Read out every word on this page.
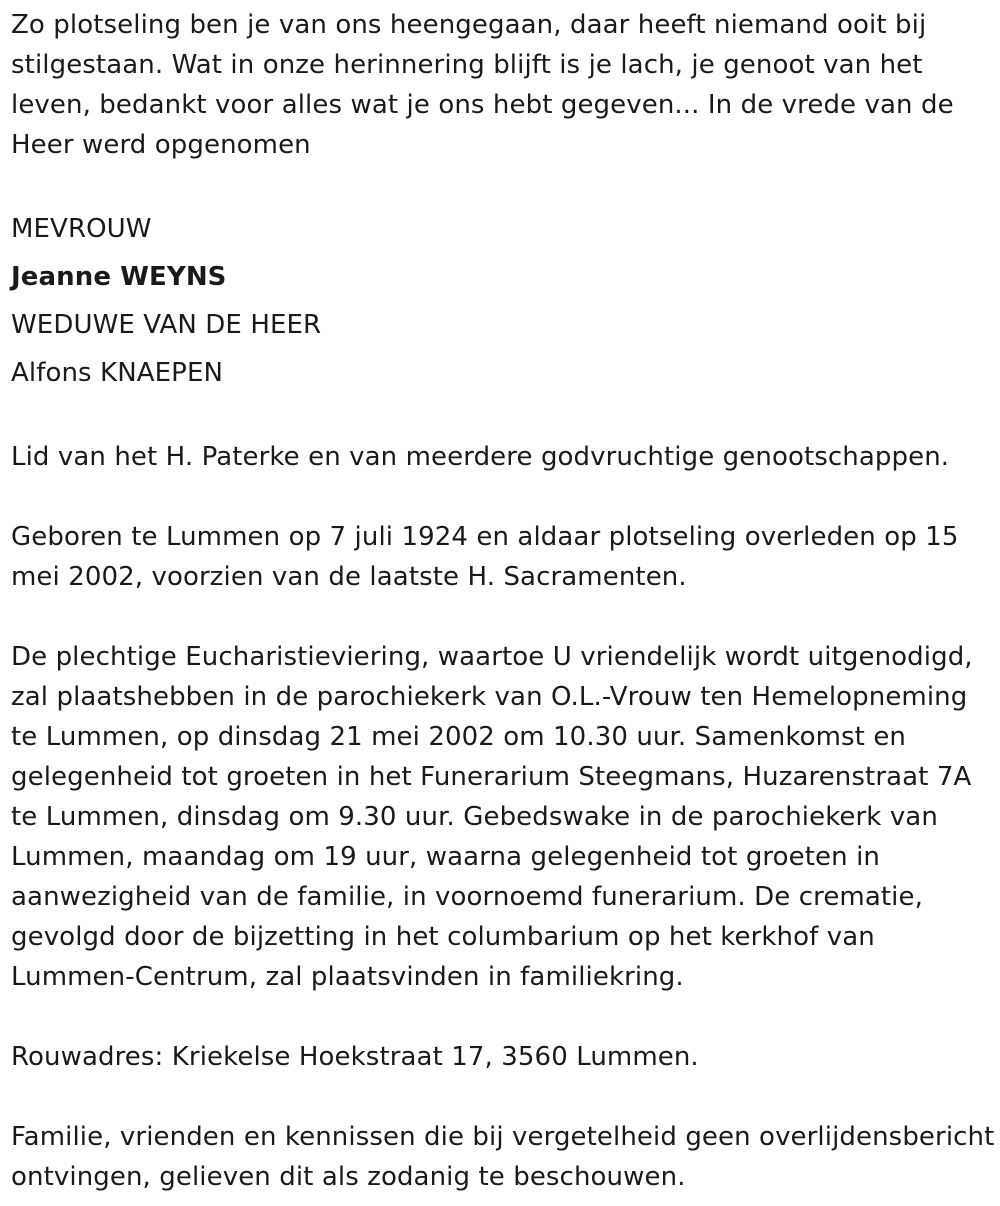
Zo plotseling ben je van ons heengegaan, daar heeft niemand ooit bij stilgestaan. Wat in onze herinnering blijft is je lach, je genoot van het leven, bedankt voor alles wat je ons hebt gegeven... In de vrede van de Heer werd opgenomen

MEVROUW

Jeanne WEYNS

WEDUWE VAN DE HEER

Alfons KNAEPEN

Lid van het H. Paterke en van meerdere godvruchtige genootschappen.

Geboren te Lummen op 7 juli 1924 en aldaar plotseling overleden op 15 mei 2002, voorzien van de laatste H. Sacramenten.

De plechtige Eucharistieviering, waartoe U vriendelijk wordt uitgenodigd, zal plaatshebben in de parochiekerk van O.L.-Vrouw ten Hemelopneming te Lummen, op dinsdag 21 mei 2002 om 10.30 uur. Samenkomst en gelegenheid tot groeten in het Funerarium Steegmans, Huzarenstraat 7A te Lummen, dinsdag om 9.30 uur. Gebedswake in de parochiekerk van Lummen, maandag om 19 uur, waarna gelegenheid tot groeten in aanwezigheid van de familie, in voornoemd funerarium. De crematie, gevolgd door de bijzetting in het columbarium op het kerkhof van Lummen-Centrum, zal plaatsvinden in familiekring.

Rouwadres: Kriekelse Hoekstraat 17, 3560 Lummen.

Familie, vrienden en kennissen die bij vergetelheid geen overlijdensbericht ontvingen, gelieven dit als zodanig te beschouwen.
